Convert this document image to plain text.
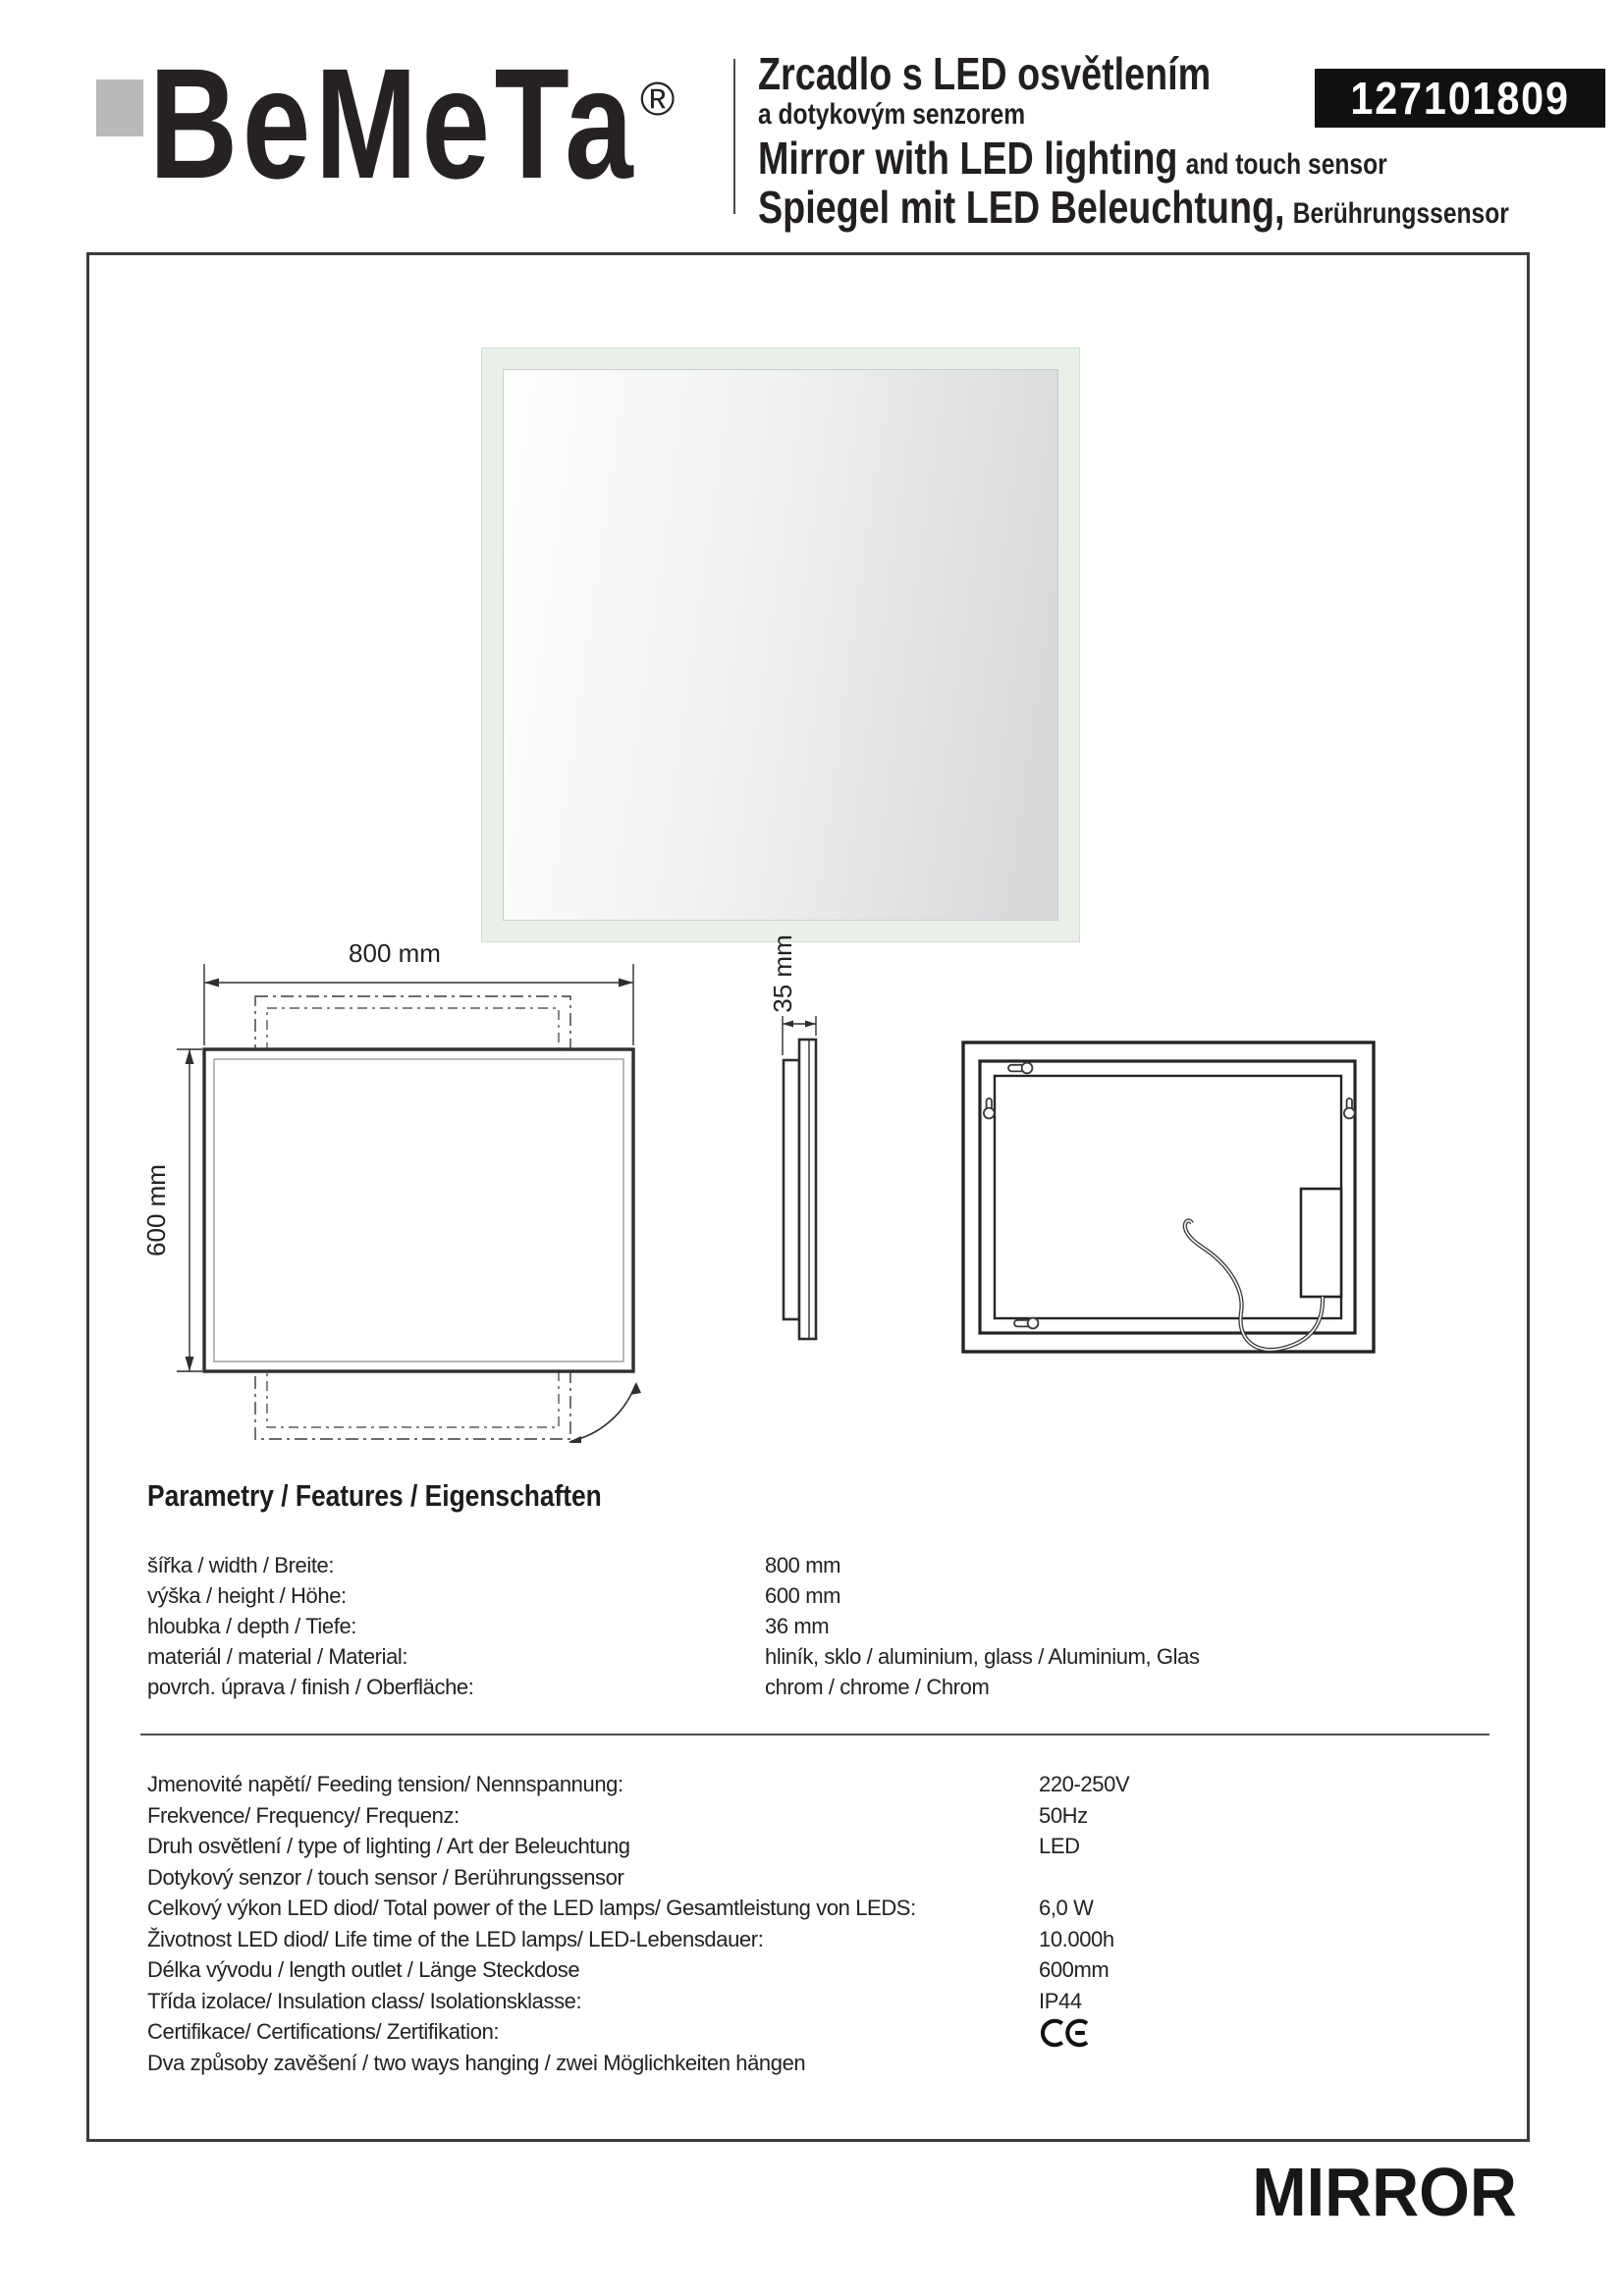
BeMeTa ® Zrcadlo s LED osvětlením
a dotykovým senzorem
Mirror with LED lighting and touch sensor
Spiegel mit LED Beleuchtung, Berührungssensor
127101809
800 mm
600 mm
35 mm
Parametry / Features / Eigenschaften
šířka / width / Breite:	800 mm
výška / height / Höhe:	600 mm
hloubka / depth / Tiefe:	36 mm
materiál / material / Material:	hliník, sklo / aluminium, glass / Aluminium, Glas
povrch. úprava / finish / Oberfläche:	chrom / chrome / Chrom
Jmenovité napětí/ Feeding tension/ Nennspannung:	220-250V
Frekvence/ Frequency/ Frequenz:	50Hz
Druh osvětlení / type of lighting / Art der Beleuchtung	LED
Dotykový senzor / touch sensor / Berührungssensor
Celkový výkon LED diod/ Total power of the LED lamps/ Gesamtleistung von LEDS:	6,0 W
Životnost LED diod/ Life time of the LED lamps/ LED-Lebensdauer:	10.000h
Délka vývodu / length outlet / Länge Steckdose	600mm
Třída izolace/ Insulation class/ Isolationsklasse:	IP44
Certifikace/ Certifications/ Zertifikation:
Dva způsoby zavěšení / two ways hanging / zwei Möglichkeiten hängen
MIRROR
